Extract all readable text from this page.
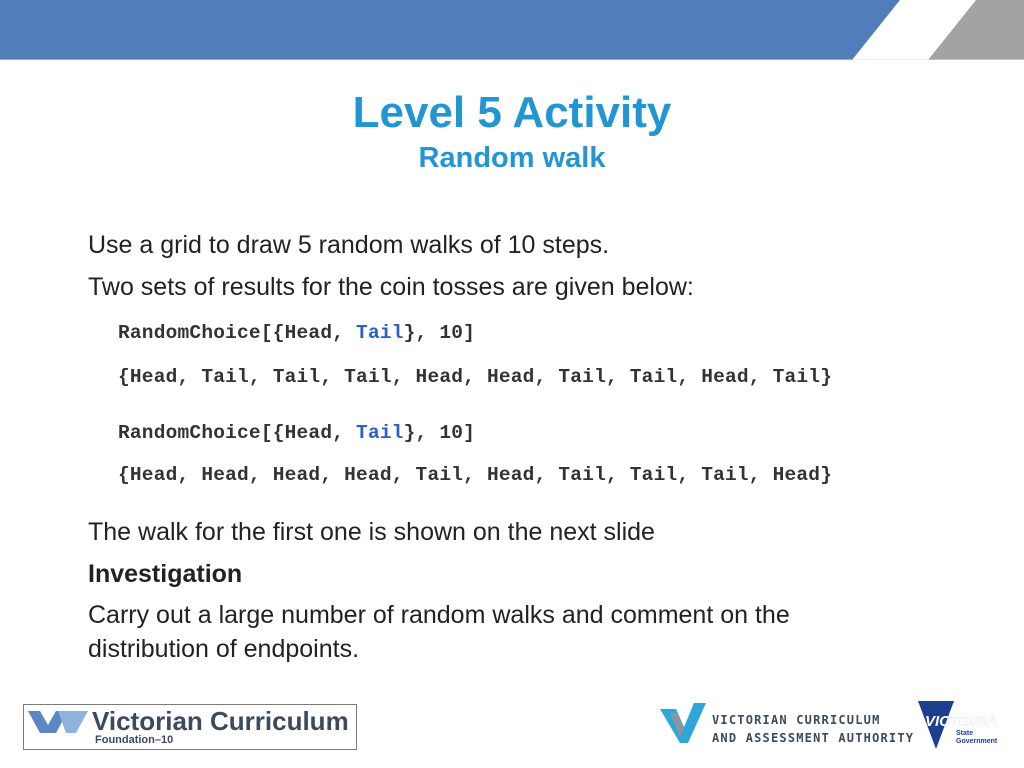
Level 5 Activity
Random walk
Use a grid to draw 5 random walks of 10 steps.
Two sets of results for the coin tosses are given below:
RandomChoice[{Head, Tail}, 10]
{Head, Tail, Tail, Tail, Head, Head, Tail, Tail, Head, Tail}
RandomChoice[{Head, Tail}, 10]
{Head, Head, Head, Head, Tail, Head, Tail, Tail, Tail, Head}
The walk for the first one is shown on the next slide
Investigation
Carry out a large number of random walks and comment on the
distribution of endpoints.
Victorian Curriculum
Foundation–10
VICTORIAN CURRICULUM
AND ASSESSMENT AUTHORITY
VICTORIA
State
Government
